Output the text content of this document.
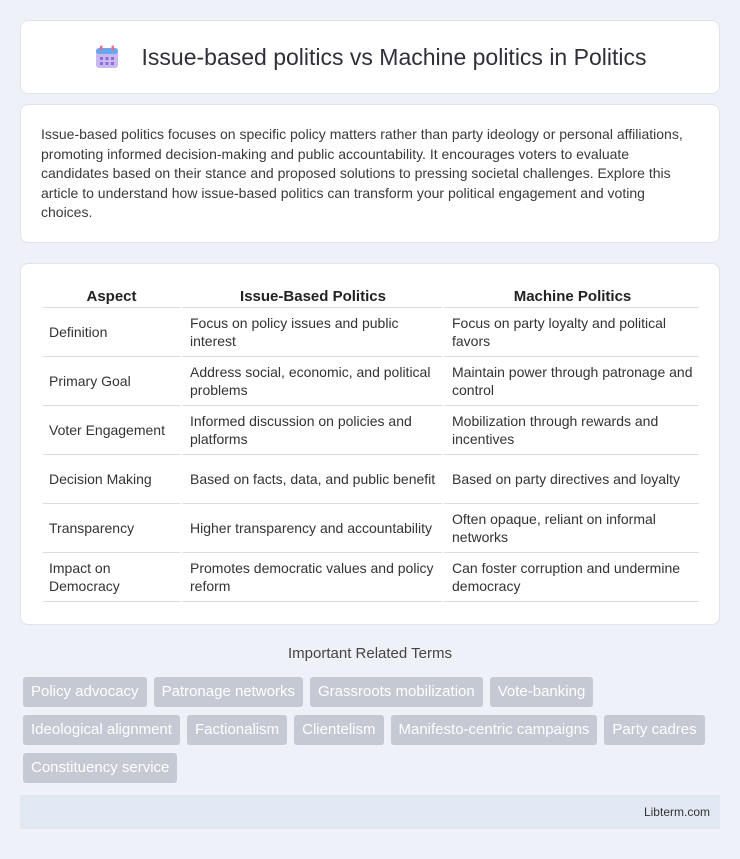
Issue-based politics vs Machine politics in Politics

Issue-based politics focuses on specific policy matters rather than party ideology or personal affiliations, promoting informed decision-making and public accountability. It encourages voters to evaluate candidates based on their stance and proposed solutions to pressing societal challenges. Explore this article to understand how issue-based politics can transform your political engagement and voting choices.

Aspect	Issue-Based Politics	Machine Politics
Definition	Focus on policy issues and public interest	Focus on party loyalty and political favors
Primary Goal	Address social, economic, and political problems	Maintain power through patronage and control
Voter Engagement	Informed discussion on policies and platforms	Mobilization through rewards and incentives
Decision Making	Based on facts, data, and public benefit	Based on party directives and loyalty
Transparency	Higher transparency and accountability	Often opaque, reliant on informal networks
Impact on Democracy	Promotes democratic values and policy reform	Can foster corruption and undermine democracy
Important Related Terms
Policy advocacy	Patronage networks	Grassroots mobilization	Vote-banking
Ideological alignment	Factionalism	Clientelism	Manifesto-centric campaigns	Party cadres
Constituency service
Libterm.com
